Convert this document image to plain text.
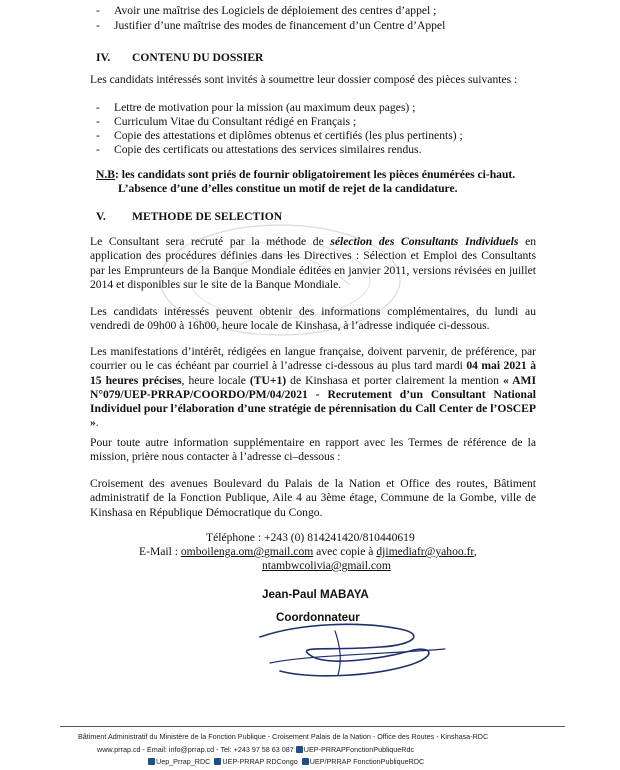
- Avoir une maîtrise des Logiciels de déploiement des centres d’appel ;
- Justifier d’une maîtrise des modes de financement d’un Centre d’Appel
IV. CONTENU DU DOSSIER
Les candidats intéressés sont invités à soumettre leur dossier composé des pièces suivantes :
- Lettre de motivation pour la mission (au maximum deux pages) ;
- Curriculum Vitae du Consultant rédigé en Français ;
- Copie des attestations et diplômes obtenus et certifiés (les plus pertinents) ;
- Copie des certificats ou attestations des services similaires rendus.
N.B: les candidats sont priés de fournir obligatoirement les pièces énumérées ci-haut.
L’absence d’une d’elles constitue un motif de rejet de la candidature.
V. METHODE DE SELECTION
Le Consultant sera recruté par la méthode de sélection des Consultants Individuels en application des procédures définies dans les Directives : Sélection et Emploi des Consultants par les Emprunteurs de la Banque Mondiale éditées en janvier 2011, versions révisées en juillet 2014 et disponibles sur le site de la Banque Mondiale.
Les candidats intéressés peuvent obtenir des informations complémentaires, du lundi au vendredi de 09h00 à 16h00, heure locale de Kinshasa, à l’adresse indiquée ci-dessous.
Les manifestations d’intérêt, rédigées en langue française, doivent parvenir, de préférence, par courrier ou le cas échéant par courriel à l’adresse ci-dessous au plus tard mardi 04 mai 2021 à 15 heures précises, heure locale (TU+1) de Kinshasa et porter clairement la mention « AMI N°079/UEP-PRRAP/COORDO/PM/04/2021 - Recrutement d’un Consultant National Individuel pour l’élaboration d’une stratégie de pérennisation du Call Center de l’OSCEP ».
Pour toute autre information supplémentaire en rapport avec les Termes de référence de la mission, prière nous contacter à l’adresse ci–dessous :
Croisement des avenues Boulevard du Palais de la Nation et Office des routes, Bâtiment administratif de la Fonction Publique, Aile 4 au 3ème étage, Commune de la Gombe, ville de Kinshasa en République Démocratique du Congo.
Téléphone : +243 (0) 814241420/810440619
E-Mail : omboilenga.om@gmail.com avec copie à djimediafr@yahoo.fr,
ntambwcolivia@gmail.com
Jean-Paul MABAYA
Coordonnateur
Bâtiment Administratif du Ministère de la Fonction Publique - Croisement Palais de la Nation - Office des Routes - Kinshasa-RDC
www.prrap.cd - Email: info@prrap.cd - Tel: +243 97 58 63 087 UEP-PRRAPFonctionPubliqueRdc
Uep_Prrap_RDC UEP-PRRAP RDCongo UEP/PRRAP FonctionPubliqueRDC
